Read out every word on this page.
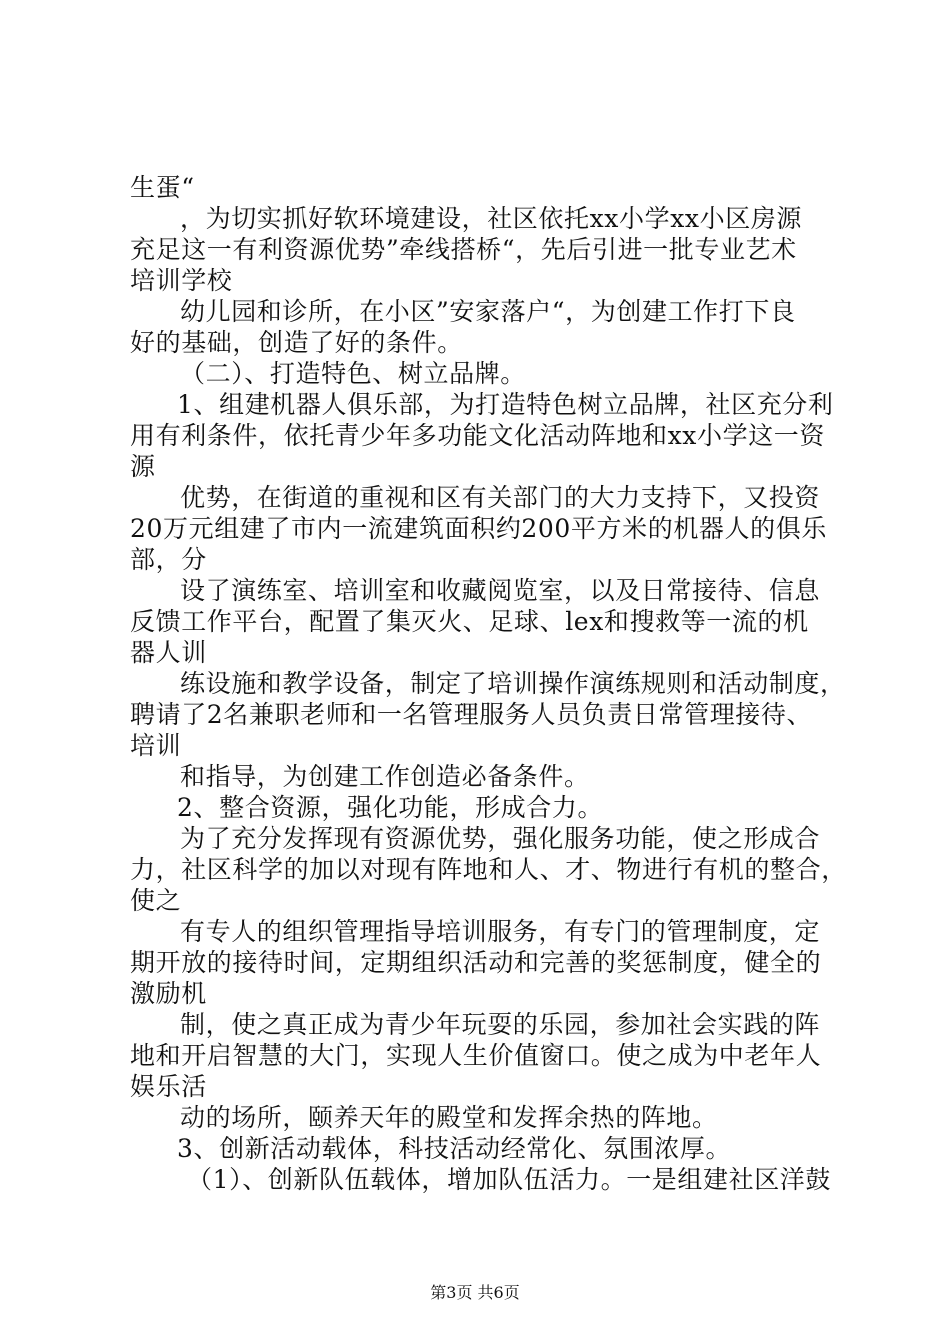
生蛋“
，为切实抓好软环境建设，社区依托xx小学xx小区房源
充足这一有利资源优势”牵线搭桥“，先后引进一批专业艺术
培训学校
幼儿园和诊所，在小区”安家落户“，为创建工作打下良
好的基础，创造了好的条件。
（二）、打造特色、树立品牌。
1、组建机器人俱乐部，为打造特色树立品牌，社区充分利
用有利条件，依托青少年多功能文化活动阵地和xx小学这一资
源
优势，在街道的重视和区有关部门的大力支持下，又投资
20万元组建了市内一流建筑面积约200平方米的机器人的俱乐
部，分
设了演练室、培训室和收藏阅览室，以及日常接待、信息
反馈工作平台，配置了集灭火、足球、lex和搜救等一流的机
器人训
练设施和教学设备，制定了培训操作演练规则和活动制度，
聘请了2名兼职老师和一名管理服务人员负责日常管理接待、
培训
和指导，为创建工作创造必备条件。
2、整合资源，强化功能，形成合力。
为了充分发挥现有资源优势，强化服务功能，使之形成合
力，社区科学的加以对现有阵地和人、才、物进行有机的整合，
使之
有专人的组织管理指导培训服务，有专门的管理制度，定
期开放的接待时间，定期组织活动和完善的奖惩制度，健全的
激励机
制，使之真正成为青少年玩耍的乐园，参加社会实践的阵
地和开启智慧的大门，实现人生价值窗口。使之成为中老年人
娱乐活
动的场所，颐养天年的殿堂和发挥余热的阵地。
3、创新活动载体，科技活动经常化、氛围浓厚。
（1）、创新队伍载体，增加队伍活力。一是组建社区洋鼓
第3页 共6页
